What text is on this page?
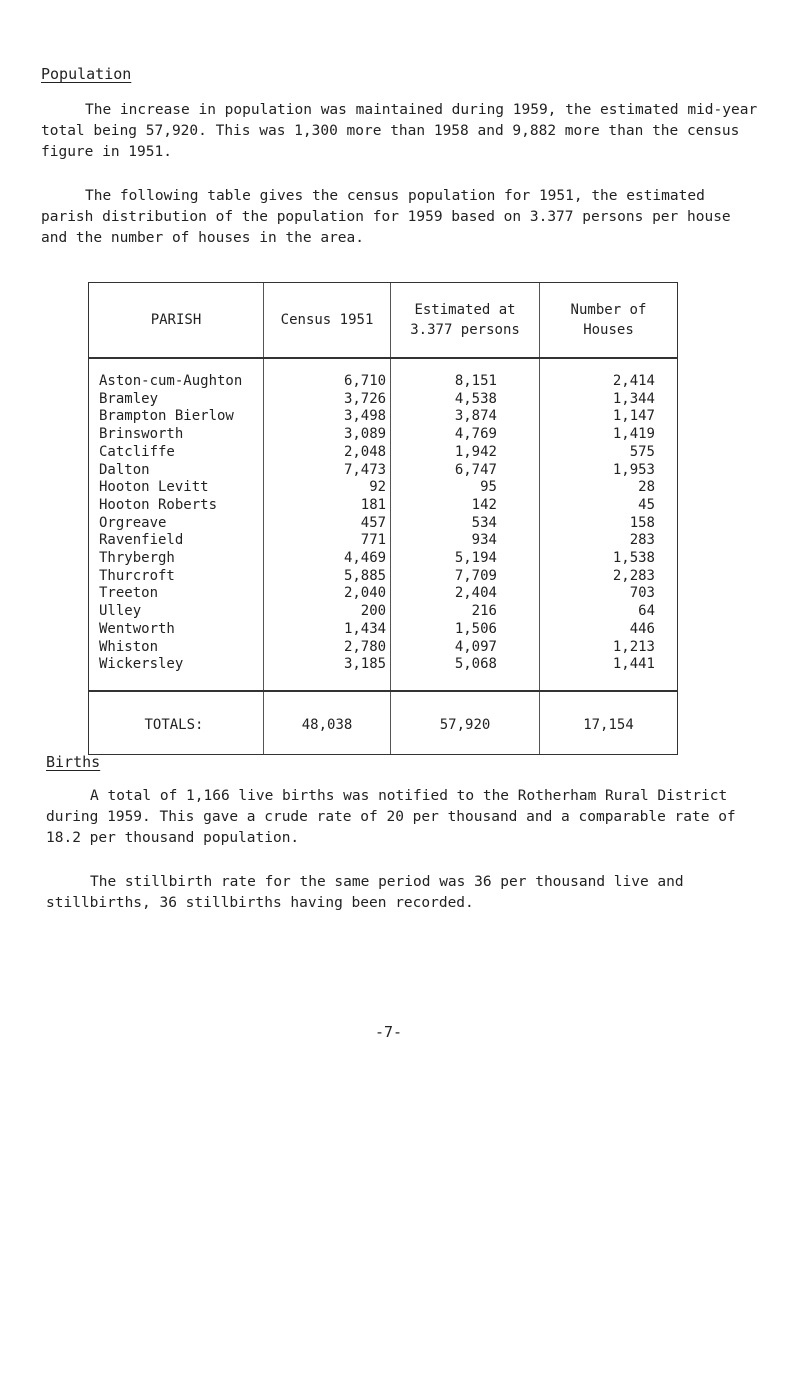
Population

The increase in population was maintained during 1959, the estimated mid-year total being 57,920. This was 1,300 more than 1958 and 9,882 more than the census figure in 1951.

The following table gives the census population for 1951, the estimated parish distribution of the population for 1959 based on 3.377 persons per house and the number of houses in the area.

PARISH	Census 1951	Estimated at 3.377 persons	Number of Houses
Aston-cum-Aughton	6,710	8,151	2,414
Bramley	3,726	4,538	1,344
Brampton Bierlow	3,498	3,874	1,147
Brinsworth	3,089	4,769	1,419
Catcliffe	2,048	1,942	575
Dalton	7,473	6,747	1,953
Hooton Levitt	92	95	28
Hooton Roberts	181	142	45
Orgreave	457	534	158
Ravenfield	771	934	283
Thrybergh	4,469	5,194	1,538
Thurcroft	5,885	7,709	2,283
Treeton	2,040	2,404	703
Ulley	200	216	64
Wentworth	1,434	1,506	446
Whiston	2,780	4,097	1,213
Wickersley	3,185	5,068	1,441
TOTALS:	48,038	57,920	17,154
Births

A total of 1,166 live births was notified to the Rotherham Rural District during 1959. This gave a crude rate of 20 per thousand and a comparable rate of 18.2 per thousand population.

The stillbirth rate for the same period was 36 per thousand live and stillbirths, 36 stillbirths having been recorded.

-7-
